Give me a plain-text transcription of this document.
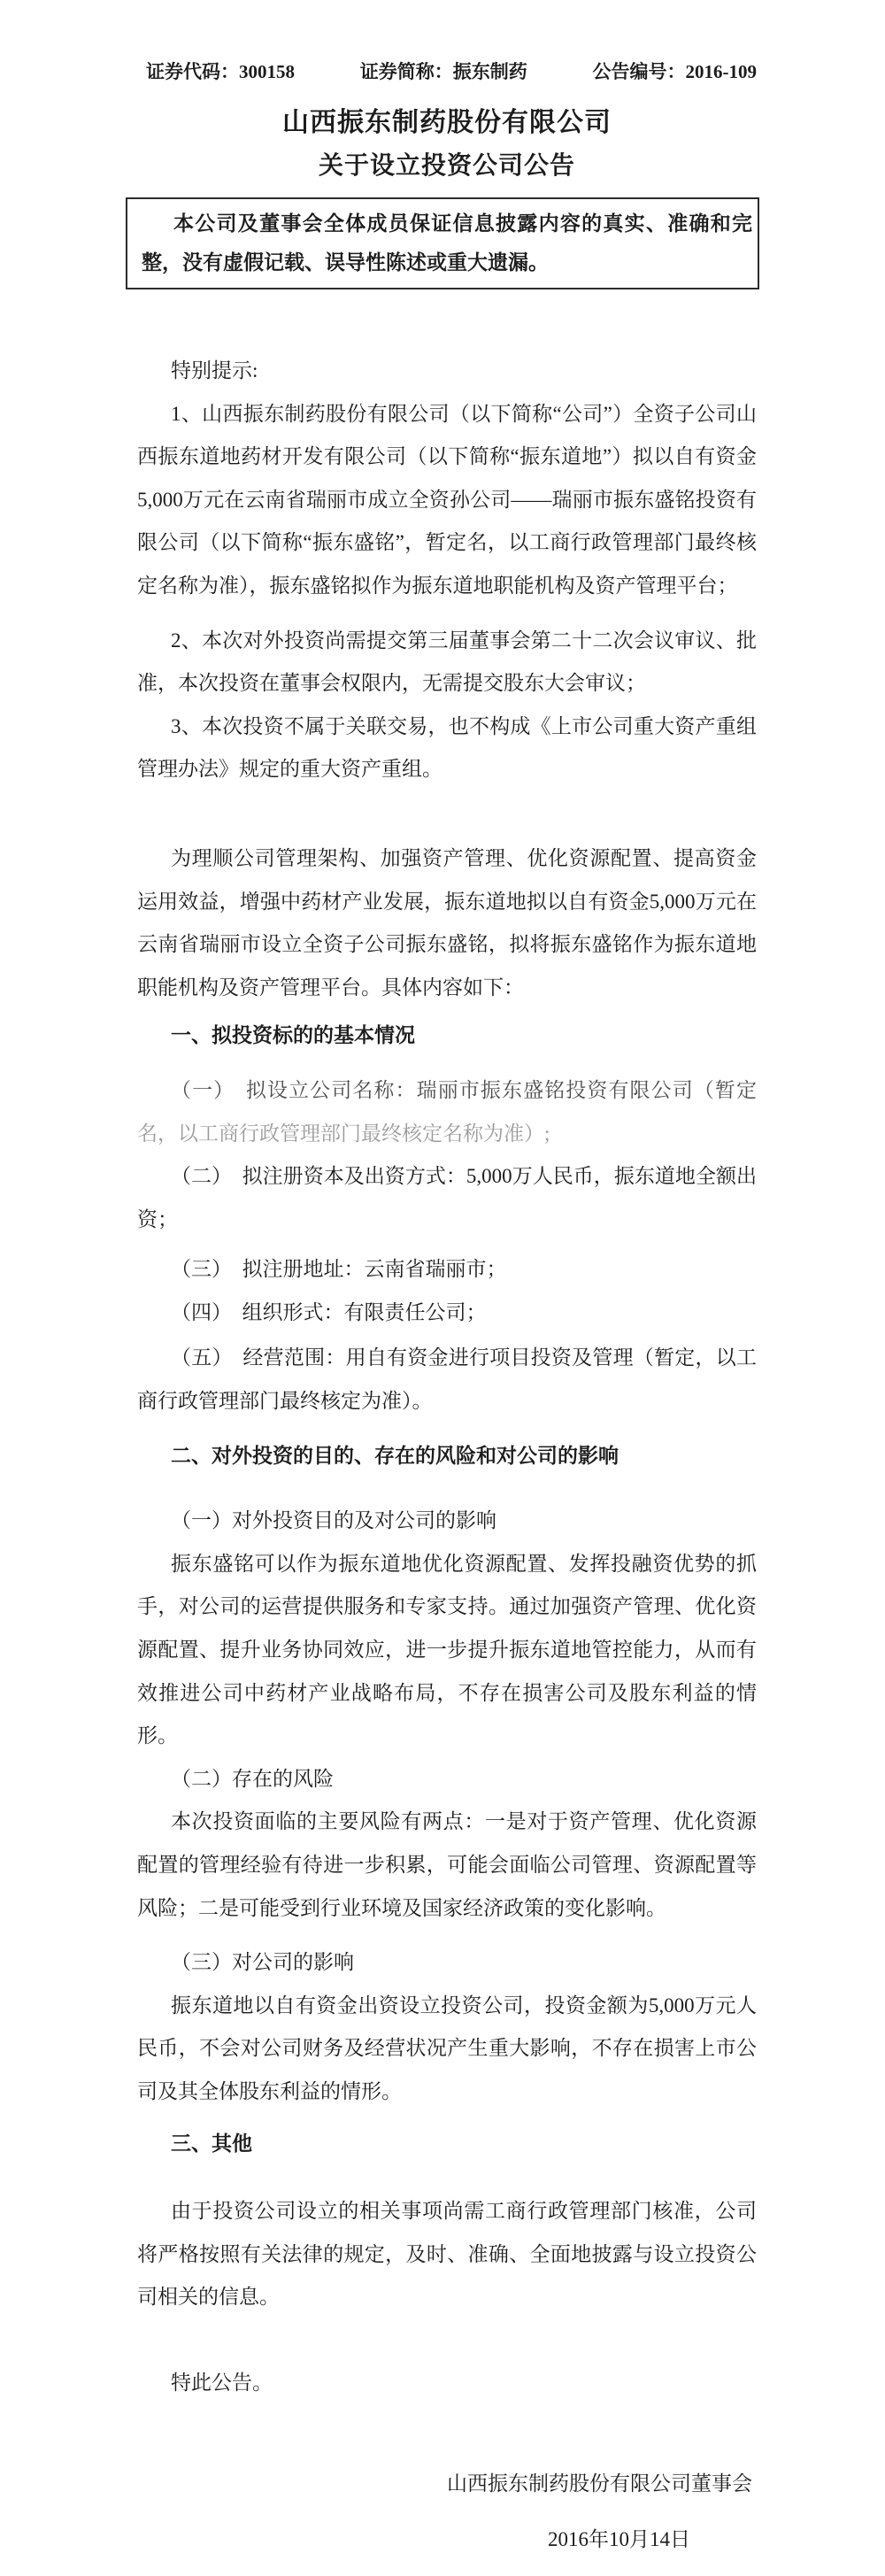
证券代码：300158	证券简称：振东制药	公告编号：2016-109
山西振东制药股份有限公司
关于设立投资公司公告
本公司及董事会全体成员保证信息披露内容的真实、准确和完整，没有虚假记载、误导性陈述或重大遗漏。

特别提示:

1、山西振东制药股份有限公司（以下简称“公司”）全资子公司山西振东道地药材开发有限公司（以下简称“振东道地”）拟以自有资金5,000万元在云南省瑞丽市成立全资孙公司——瑞丽市振东盛铭投资有限公司（以下简称“振东盛铭”，暂定名，以工商行政管理部门最终核定名称为准），振东盛铭拟作为振东道地职能机构及资产管理平台；

2、本次对外投资尚需提交第三届董事会第二十二次会议审议、批准，本次投资在董事会权限内，无需提交股东大会审议；

3、本次投资不属于关联交易，也不构成《上市公司重大资产重组管理办法》规定的重大资产重组。

为理顺公司管理架构、加强资产管理、优化资源配置、提高资金运用效益，增强中药材产业发展，振东道地拟以自有资金5,000万元在云南省瑞丽市设立全资子公司振东盛铭，拟将振东盛铭作为振东道地职能机构及资产管理平台。具体内容如下：

一、拟投资标的的基本情况

（一）　拟设立公司名称：瑞丽市振东盛铭投资有限公司（暂定名，以工商行政管理部门最终核定名称为准）;

（二）　拟注册资本及出资方式：5,000万人民币，振东道地全额出资；

（三）　拟注册地址：云南省瑞丽市；

（四）　组织形式：有限责任公司；

（五）　经营范围：用自有资金进行项目投资及管理（暂定，以工商行政管理部门最终核定为准）。

二、对外投资的目的、存在的风险和对公司的影响

（一）对外投资目的及对公司的影响

振东盛铭可以作为振东道地优化资源配置、发挥投融资优势的抓手，对公司的运营提供服务和专家支持。通过加强资产管理、优化资源配置、提升业务协同效应，进一步提升振东道地管控能力，从而有效推进公司中药材产业战略布局，不存在损害公司及股东利益的情形。

（二）存在的风险

本次投资面临的主要风险有两点：一是对于资产管理、优化资源配置的管理经验有待进一步积累，可能会面临公司管理、资源配置等风险；二是可能受到行业环境及国家经济政策的变化影响。

（三）对公司的影响

振东道地以自有资金出资设立投资公司，投资金额为5,000万元人民币，不会对公司财务及经营状况产生重大影响，不存在损害上市公司及其全体股东利益的情形。

三、其他

由于投资公司设立的相关事项尚需工商行政管理部门核准，公司将严格按照有关法律的规定，及时、准确、全面地披露与设立投资公司相关的信息。

特此公告。

山西振东制药股份有限公司董事会

2016年10月14日
